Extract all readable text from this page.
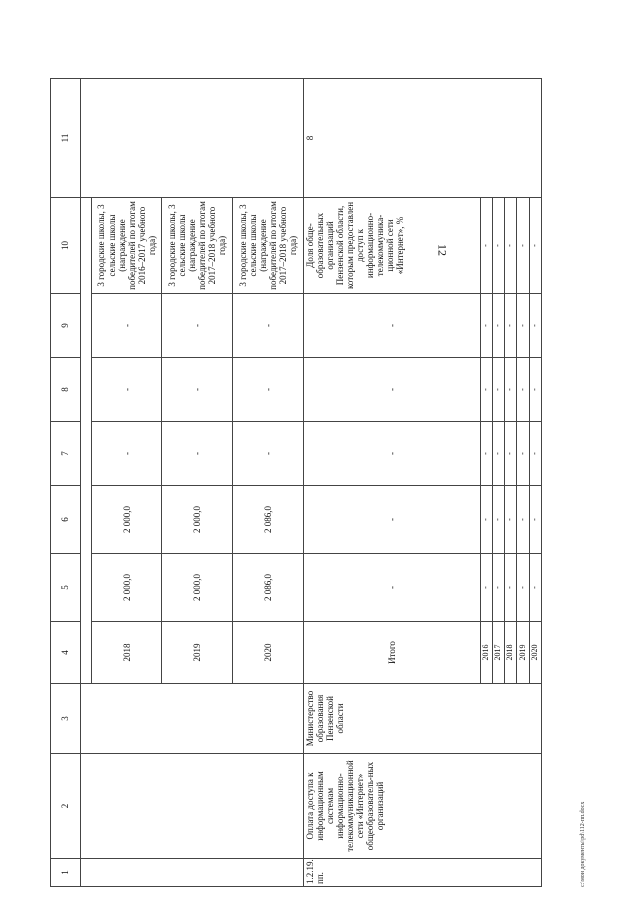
12
1	2	3	4	5	6	7	8	9	10	11

			2018	2 000,0	2 000,0	-	-	-	3 городские школы, 3 сельские школы (награждение победителей по итогам 2016–2017 учебного года)	
			2019	2 000,0	2 000,0	-	-	-	3 городские школы, 3 сельские школы (награждение победителей по итогам 2017–2018 учебного года)	
			2020	2 086,0	2 086,0	-	-	-	3 городские школы, 3 сельские школы (награждение победителей по итогам 2017–2018 учебного года)	
1.2.19. пп.	Оплата доступа к информационным системам информационно-телекоммуникационной сети «Интернет» общеобразователь-ных организаций	Министерство образования Пензенской области	Итого	-	-	-	-	-	Доля обще-образовательных организаций Пензенской области, которым предоставлен доступ к информационно-телекоммуника-ционной сети «Интернет», %	8
			2016	-	-	-	-	-	-	
			2017	-	-	-	-	-	-	
			2018	-	-	-	-	-	-	
			2019	-	-	-	-	-	-	
			2020	-	-	-	-	-	-	
c:\мои документы\pd\112-пп.docx
